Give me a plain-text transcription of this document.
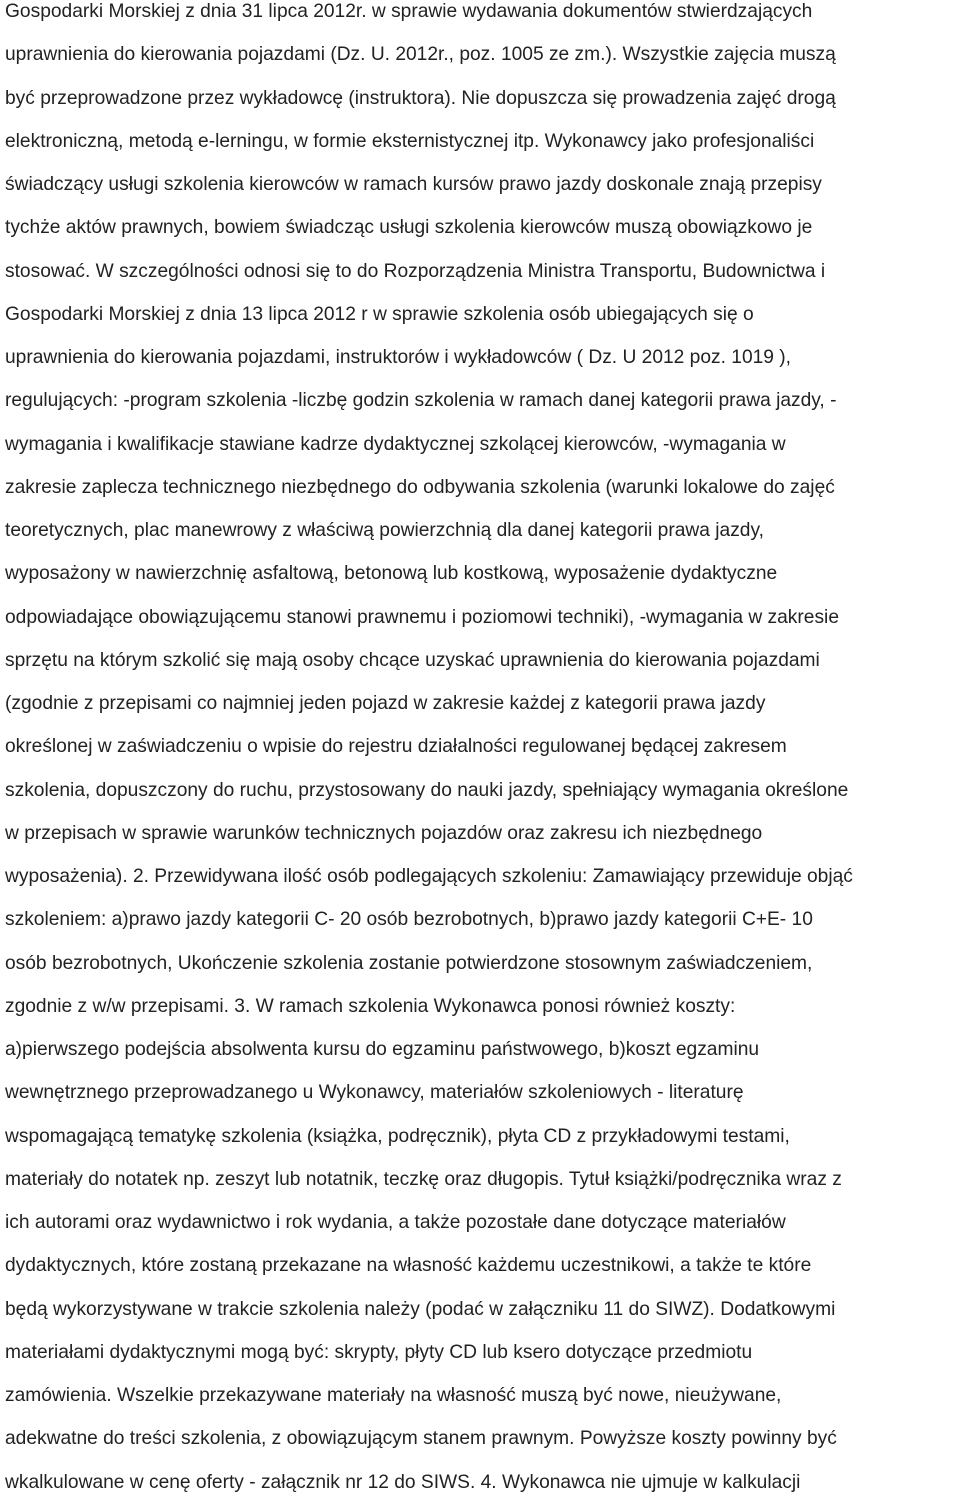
Gospodarki Morskiej z dnia 31 lipca 2012r. w sprawie wydawania dokumentów stwierdzających
uprawnienia do kierowania pojazdami (Dz. U. 2012r., poz. 1005 ze zm.). Wszystkie zajęcia muszą
być przeprowadzone przez wykładowcę (instruktora). Nie dopuszcza się prowadzenia zajęć drogą
elektroniczną, metodą e-lerningu, w formie eksternistycznej itp. Wykonawcy jako profesjonaliści
świadczący usługi szkolenia kierowców w ramach kursów prawo jazdy doskonale znają przepisy
tychże aktów prawnych, bowiem świadcząc usługi szkolenia kierowców muszą obowiązkowo je
stosować. W szczególności odnosi się to do Rozporządzenia Ministra Transportu, Budownictwa i
Gospodarki Morskiej z dnia 13 lipca 2012 r w sprawie szkolenia osób ubiegających się o
uprawnienia do kierowania pojazdami, instruktorów i wykładowców ( Dz. U 2012 poz. 1019 ),
regulujących: -program szkolenia -liczbę godzin szkolenia w ramach danej kategorii prawa jazdy, -
wymagania i kwalifikacje stawiane kadrze dydaktycznej szkolącej kierowców, -wymagania w
zakresie zaplecza technicznego niezbędnego do odbywania szkolenia (warunki lokalowe do zajęć
teoretycznych, plac manewrowy z właściwą powierzchnią dla danej kategorii prawa jazdy,
wyposażony w nawierzchnię asfaltową, betonową lub kostkową, wyposażenie dydaktyczne
odpowiadające obowiązującemu stanowi prawnemu i poziomowi techniki), -wymagania w zakresie
sprzętu na którym szkolić się mają osoby chcące uzyskać uprawnienia do kierowania pojazdami
(zgodnie z przepisami co najmniej jeden pojazd w zakresie każdej z kategorii prawa jazdy
określonej w zaświadczeniu o wpisie do rejestru działalności regulowanej będącej zakresem
szkolenia, dopuszczony do ruchu, przystosowany do nauki jazdy, spełniający wymagania określone
w przepisach w sprawie warunków technicznych pojazdów oraz zakresu ich niezbędnego
wyposażenia). 2. Przewidywana ilość osób podlegających szkoleniu: Zamawiający przewiduje objąć
szkoleniem: a)prawo jazdy kategorii C- 20 osób bezrobotnych, b)prawo jazdy kategorii C+E- 10
osób bezrobotnych, Ukończenie szkolenia zostanie potwierdzone stosownym zaświadczeniem,
zgodnie z w/w przepisami. 3. W ramach szkolenia Wykonawca ponosi również koszty:
a)pierwszego podejścia absolwenta kursu do egzaminu państwowego, b)koszt egzaminu
wewnętrznego przeprowadzanego u Wykonawcy, materiałów szkoleniowych - literaturę
wspomagającą tematykę szkolenia (książka, podręcznik), płyta CD z przykładowymi testami,
materiały do notatek np. zeszyt lub notatnik, teczkę oraz długopis. Tytuł książki/podręcznika wraz z
ich autorami oraz wydawnictwo i rok wydania, a także pozostałe dane dotyczące materiałów
dydaktycznych, które zostaną przekazane na własność każdemu uczestnikowi, a także te które
będą wykorzystywane w trakcie szkolenia należy (podać w załączniku 11 do SIWZ). Dodatkowymi
materiałami dydaktycznymi mogą być: skrypty, płyty CD lub ksero dotyczące przedmiotu
zamówienia. Wszelkie przekazywane materiały na własność muszą być nowe, nieużywane,
adekwatne do treści szkolenia, z obowiązującym stanem prawnym. Powyższe koszty powinny być
wkalkulowane w cenę oferty - załącznik nr 12 do SIWS. 4. Wykonawca nie ujmuje w kalkulacji
